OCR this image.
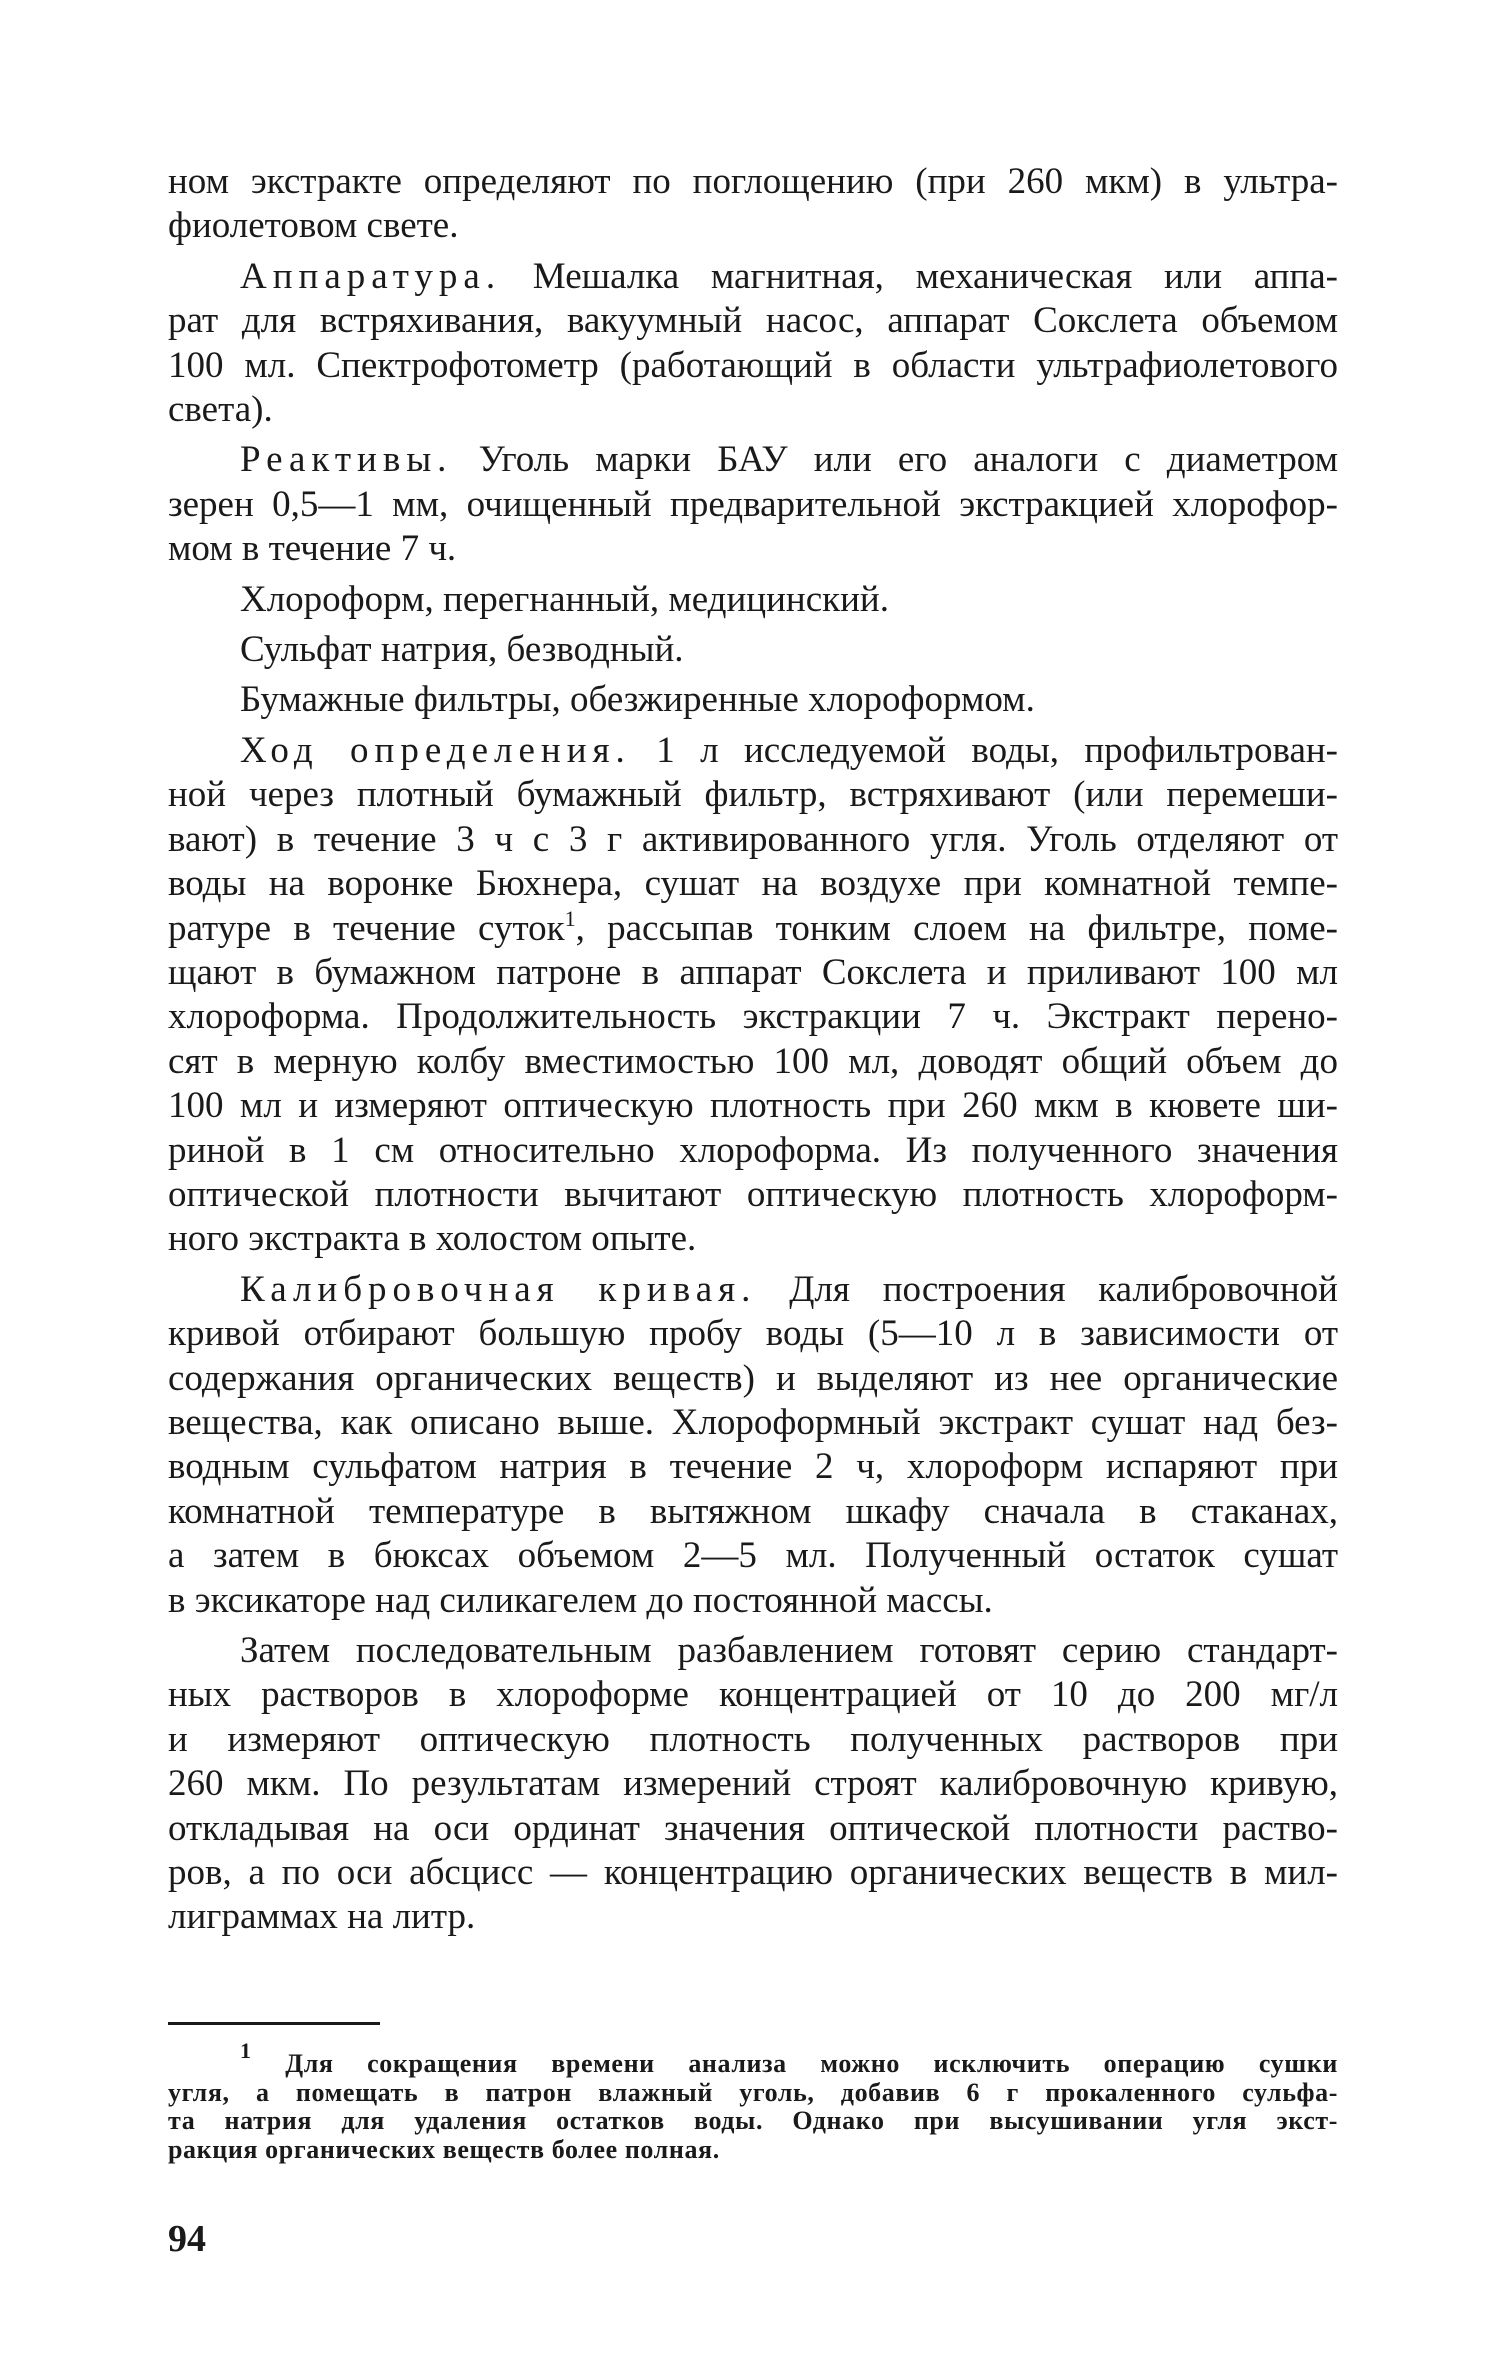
ном экстракте определяют по поглощению (при 260 мкм) в ультра-
фиолетовом свете.
Аппаратура. Мешалка магнитная, механическая или аппа-
рат для встряхивания, вакуумный насос, аппарат Сокслета объемом
100 мл. Спектрофотометр (работающий в области ультрафиолетового
света).
Реактивы. Уголь марки БАУ или его аналоги с диаметром
зерен 0,5—1 мм, очищенный предварительной экстракцией хлорофор-
мом в течение 7 ч.
Хлороформ, перегнанный, медицинский.
Сульфат натрия, безводный.
Бумажные фильтры, обезжиренные хлороформом.
Ход определения. 1 л исследуемой воды, профильтрован-
ной через плотный бумажный фильтр, встряхивают (или перемеши-
вают) в течение 3 ч с 3 г активированного угля. Уголь отделяют от
воды на воронке Бюхнера, сушат на воздухе при комнатной темпе-
ратуре в течение суток$^1$, рассыпав тонким слоем на фильтре, поме-
щают в бумажном патроне в аппарат Сокслета и приливают 100 мл
хлороформа. Продолжительность экстракции 7 ч. Экстракт перено-
сят в мерную колбу вместимостью 100 мл, доводят общий объем до
100 мл и измеряют оптическую плотность при 260 мкм в кювете ши-
риной в 1 см относительно хлороформа. Из полученного значения
оптической плотности вычитают оптическую плотность хлороформ-
ного экстракта в холостом опыте.
Калибровочная кривая. Для построения калибровочной
кривой отбирают большую пробу воды (5—10 л в зависимости от
содержания органических веществ) и выделяют из нее органические
вещества, как описано выше. Хлороформный экстракт сушат над без-
водным сульфатом натрия в течение 2 ч, хлороформ испаряют при
комнатной температуре в вытяжном шкафу сначала в стаканах,
а затем в бюксах объемом 2—5 мл. Полученный остаток сушат
в эксикаторе над силикагелем до постоянной массы.
Затем последовательным разбавлением готовят серию стандарт-
ных растворов в хлороформе концентрацией от 10 до 200 мг/л
и измеряют оптическую плотность полученных растворов при
260 мкм. По результатам измерений строят калибровочную кривую,
откладывая на оси ординат значения оптической плотности раство-
ров, а по оси абсцисс — концентрацию органических веществ в мил-
лиграммах на литр.
$^1$ Для сокращения времени анализа можно исключить операцию сушки
угля, а помещать в патрон влажный уголь, добавив 6 г прокаленного сульфа-
та натрия для удаления остатков воды. Однако при высушивании угля экст-
ракция органических веществ более полная.
94
